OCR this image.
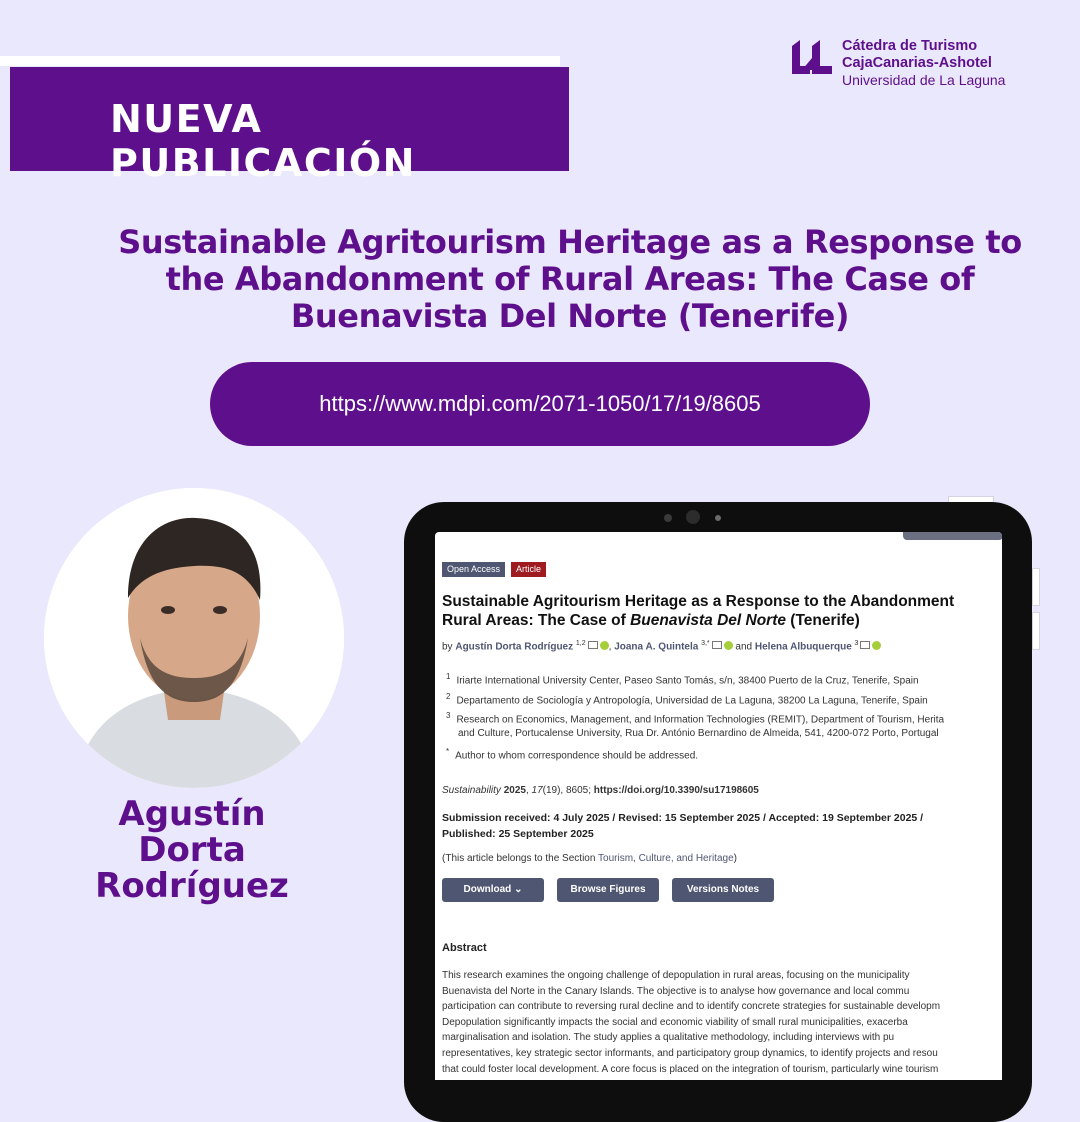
NUEVA PUBLICACIÓN
Cátedra de Turismo
CajaCanarias-Ashotel
Universidad de La Laguna
Sustainable Agritourism Heritage as a Response to
the Abandonment of Rural Areas: The Case of
Buenavista Del Norte (Tenerife)
https://www.mdpi.com/2071-1050/17/19/8605
Agustín
Dorta
Rodríguez
Open Access	Article
Sustainable Agritourism Heritage as a Response to the Abandonment
Rural Areas: The Case of Buenavista Del Norte (Tenerife)
by Agustín Dorta Rodríguez $^{1,2}$ , Joana A. Quintela $^{3,*}$ and Helena Albuquerque $^3$
$^1$ Iriarte International University Center, Paseo Santo Tomás, s/n, 38400 Puerto de la Cruz, Tenerife, Spain
$^2$ Departamento de Sociología y Antropología, Universidad de La Laguna, 38200 La Laguna, Tenerife, Spain
$^3$ Research on Economics, Management, and Information Technologies (REMIT), Department of Tourism, Herita
and Culture, Portucalense University, Rua Dr. António Bernardino de Almeida, 541, 4200-072 Porto, Portugal
* Author to whom correspondence should be addressed.
Sustainability 2025, 17(19), 8605; https://doi.org/10.3390/su17198605
Submission received: 4 July 2025 / Revised: 15 September 2025 / Accepted: 19 September 2025 /
Published: 25 September 2025
(This article belongs to the Section Tourism, Culture, and Heritage)
Download ⌄	Browse Figures	Versions Notes
Abstract
This research examines the ongoing challenge of depopulation in rural areas, focusing on the municipality
Buenavista del Norte in the Canary Islands. The objective is to analyse how governance and local commu
participation can contribute to reversing rural decline and to identify concrete strategies for sustainable developm
Depopulation significantly impacts the social and economic viability of small rural municipalities, exacerba
marginalisation and isolation. The study applies a qualitative methodology, including interviews with pu
representatives, key strategic sector informants, and participatory group dynamics, to identify projects and resou
that could foster local development. A core focus is placed on the integration of tourism, particularly wine tourism
